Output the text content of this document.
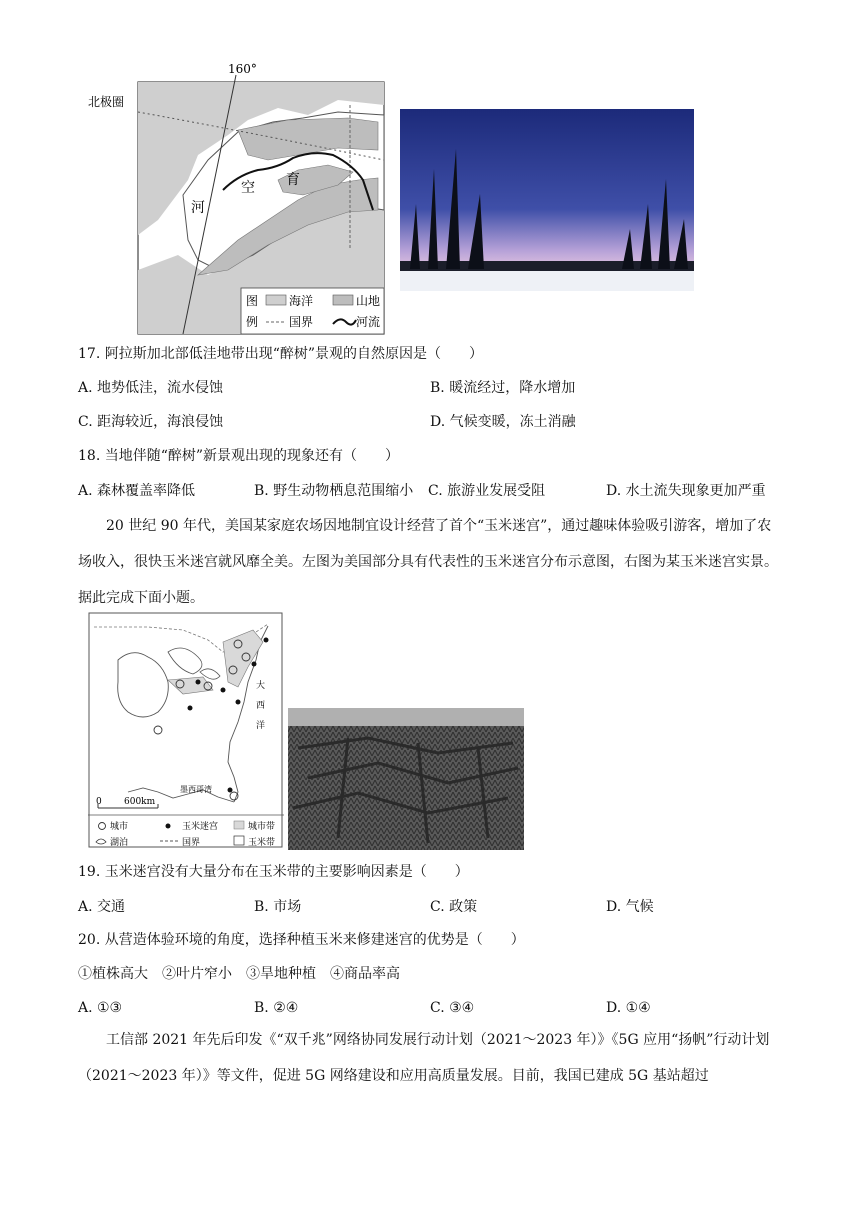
160°
北极圈
河
空 育
图
例
海洋	山地
国界	河流
17. 阿拉斯加北部低洼地带出现“醉树”景观的自然原因是（　　）
A. 地势低洼，流水侵蚀	B. 暖流经过，降水增加
C. 距海较近，海浪侵蚀	D. 气候变暖，冻土消融
18. 当地伴随“醉树”新景观出现的现象还有（　　）
A. 森林覆盖率降低	B. 野生动物栖息范围缩小 C. 旅游业发展受阻	D. 水土流失现象更加严重
20 世纪 90 年代，美国某家庭农场因地制宜设计经营了首个“玉米迷宫”，通过趣味体验吸引游客，增加了农场收入，很快玉米迷宫就风靡全美。左图为美国部分具有代表性的玉米迷宫分布示意图，右图为某玉米迷宫实景。据此完成下面小题。
大
西
洋
墨西哥湾
0 600km
城市	玉米迷宫	城市带
湖泊	国界	玉米带
19. 玉米迷宫没有大量分布在玉米带的主要影响因素是（　　）
A. 交通	B. 市场	C. 政策	D. 气候
20. 从营造体验环境的角度，选择种植玉米来修建迷宫的优势是（　　）
①植株高大　②叶片窄小　③旱地种植　④商品率高
A. ①③	B. ②④	C. ③④	D. ①④
工信部 2021 年先后印发《“双千兆”网络协同发展行动计划（2021～2023 年）》《5G 应用“扬帆”行动计划（2021～2023 年）》等文件，促进 5G 网络建设和应用高质量发展。目前，我国已建成 5G 基站超过
